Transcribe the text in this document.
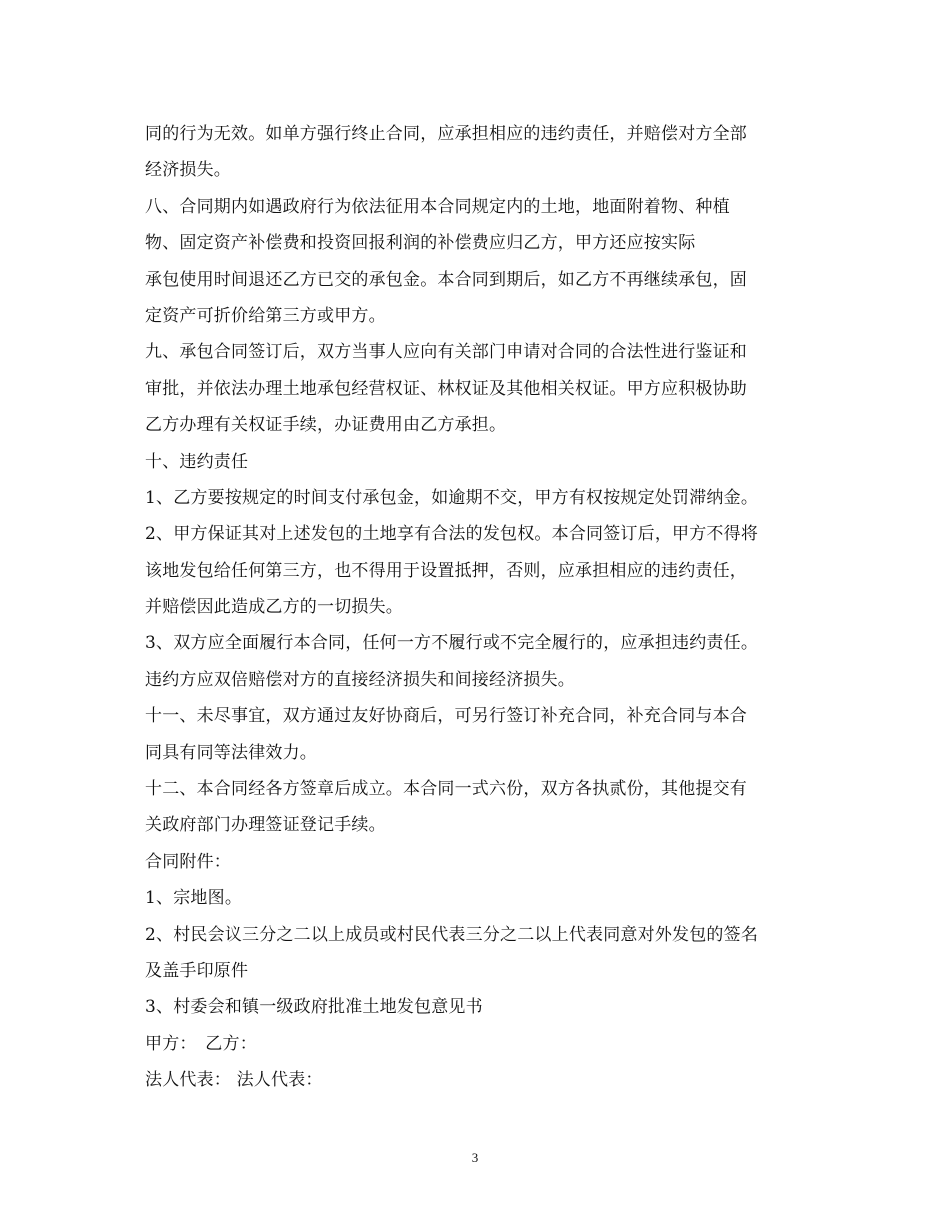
同的行为无效。如单方强行终止合同，应承担相应的违约责任，并赔偿对方全部
经济损失。
八、合同期内如遇政府行为依法征用本合同规定内的土地，地面附着物、种植
物、固定资产补偿费和投资回报利润的补偿费应归乙方，甲方还应按实际
承包使用时间退还乙方已交的承包金。本合同到期后，如乙方不再继续承包，固
定资产可折价给第三方或甲方。
九、承包合同签订后，双方当事人应向有关部门申请对合同的合法性进行鉴证和
审批，并依法办理土地承包经营权证、林权证及其他相关权证。甲方应积极协助
乙方办理有关权证手续，办证费用由乙方承担。
十、违约责任
1、乙方要按规定的时间支付承包金，如逾期不交，甲方有权按规定处罚滞纳金。
2、甲方保证其对上述发包的土地享有合法的发包权。本合同签订后，甲方不得将
该地发包给任何第三方，也不得用于设置抵押，否则，应承担相应的违约责任，
并赔偿因此造成乙方的一切损失。
3、双方应全面履行本合同，任何一方不履行或不完全履行的，应承担违约责任。
违约方应双倍赔偿对方的直接经济损失和间接经济损失。
十一、未尽事宜，双方通过友好协商后，可另行签订补充合同，补充合同与本合
同具有同等法律效力。
十二、本合同经各方签章后成立。本合同一式六份，双方各执贰份，其他提交有
关政府部门办理签证登记手续。
合同附件：
1、宗地图。
2、村民会议三分之二以上成员或村民代表三分之二以上代表同意对外发包的签名
及盖手印原件
3、村委会和镇一级政府批准土地发包意见书
甲方：　乙方：
法人代表： 法人代表：
3
